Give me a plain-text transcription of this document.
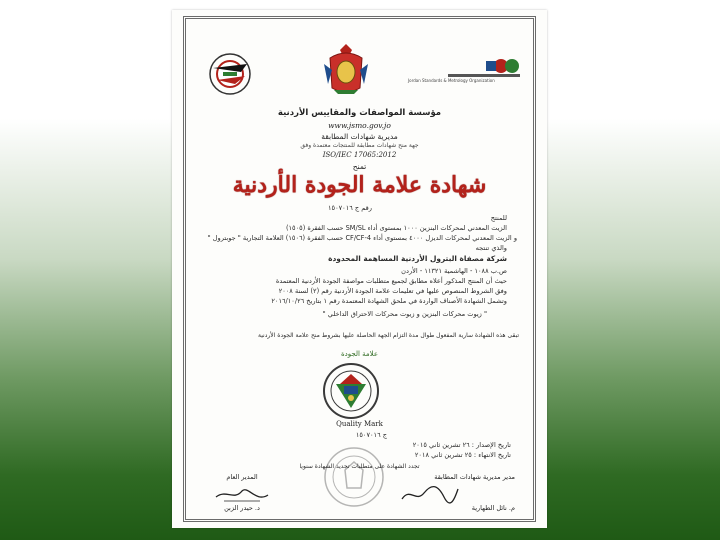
Jordan Standards & Metrology Organization
مؤسسة المواصفات والمقاييس الأردنية
www.jsmo.gov.jo
مديرية شهادات المطابقة
جهة منح شهادات مطابقة للمنتجات معتمدة وفق
ISO/IEC 17065:2012
تمنح
شهادة علامة الجودة الأردنية
رقم ج ١٥٠٧٠١٦
للمنتج
الزيت المعدني لمحركات البنزين ١٠٠٠ بمستوى أداء SM/SL حسب الفقرة (١٥٠٥)
و الزيت المعدني لمحركات الديزل ٤٠٠٠ بمستوى أداء CF/CF-4 حسب الفقرة (١٥٠٦) العلامة التجارية " جوبترول "
والذي تنتجه
شركة مصفاة البترول الأردنية المساهمة المحدودة
ص.ب ١٠٨٨ - الهاشمية ١١٣٢١ - الأردن
حيث أن المنتج المذكور أعلاه مطابق لجميع متطلبات مواصفة الجودة الأردنية المعتمدة
وفق الشروط المنصوص عليها في تعليمات علامة الجودة الأردنية رقم (٢) لسنة ٢٠٠٨
وتشمل الشهادة الأصناف الواردة في ملحق الشهادة المعتمدة رقم ١ بتاريخ ٢٠١٦/١٠/٢٦
" زيوت محركات البنزين و زيوت محركات الاحتراق الداخلي "
تبقى هذه الشهادة سارية المفعول طوال مدة التزام الجهة الحاصلة عليها بشروط منح علامة الجودة الأردنية
علامة الجودة
Quality Mark
ج ١٥٠٧٠١٦
تاريخ الإصدار : ٢٦ تشرين ثاني ٢٠١٥
تاريخ الانتهاء : ٢٥ تشرين ثاني ٢٠١٨
تجدد الشهادة على متطلبات تجديد الشهادة سنويا
مدير مديرية شهادات المطابقة
م. نائل الطهارية
المدير العام
د. حيدر الزبن
